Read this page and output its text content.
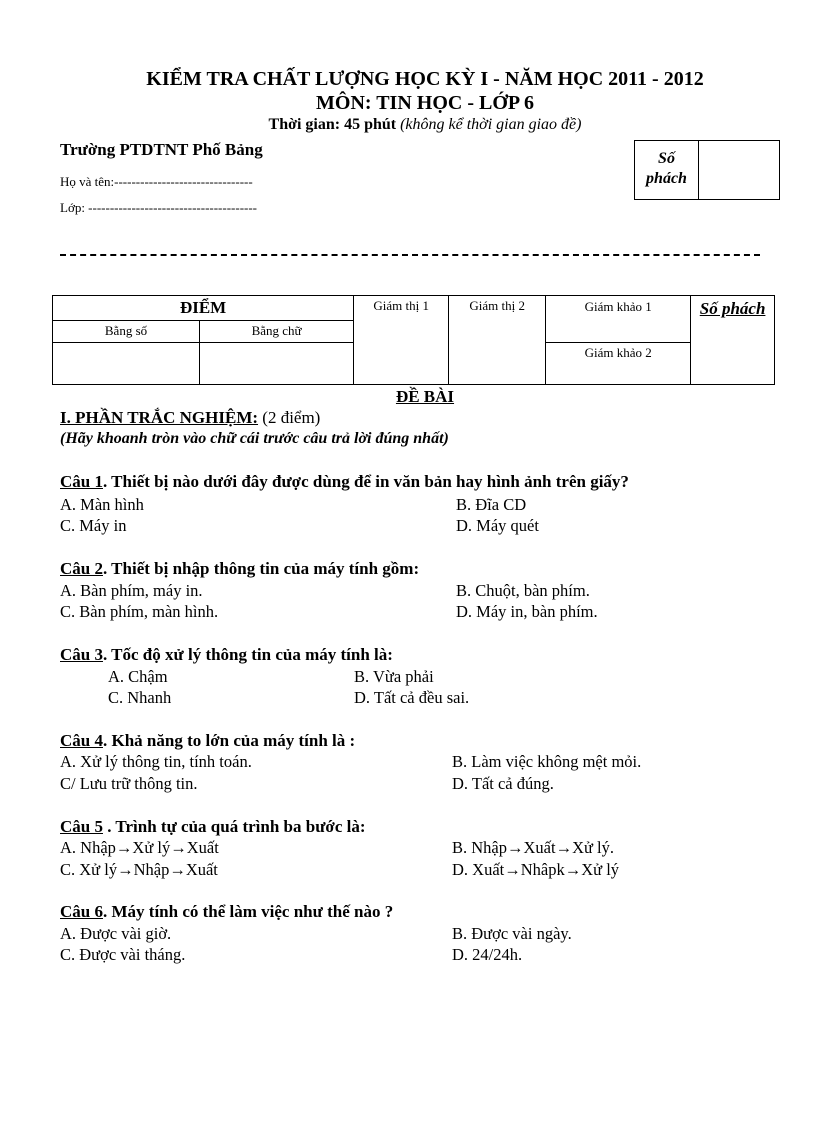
KIỂM TRA CHẤT LƯỢNG HỌC KỲ I - NĂM HỌC 2011 - 2012
MÔN: TIN HỌC - LỚP 6
Thời gian: 45 phút (không kể thời gian giao đề)
Trường PTDTNT Phố Bảng
Họ và tên:--------------------------------
Lớp: ---------------------------------------
Số
phách
ĐIỂM		Giám thị 1	Giám thị 2	Giám khảo 1	Số phách
Bằng số	Bằng chữ				
				Giám khảo 2	
ĐỀ BÀI
I. PHẦN TRẮC NGHIỆM: (2 điểm)
(Hãy khoanh tròn vào chữ cái trước câu trả lời đúng nhất)
Câu 1. Thiết bị nào dưới đây được dùng để in văn bản hay hình ảnh trên giấy?
A. Màn hình	B. Đĩa CD
C. Máy in	D. Máy quét
Câu 2. Thiết bị nhập thông tin của máy tính gồm:
A. Bàn phím, máy in.	B. Chuột, bàn phím.
C. Bàn phím, màn hình.	D. Máy in, bàn phím.
Câu 3. Tốc độ xử lý thông tin của máy tính là:
A. Chậm	B. Vừa phải
C. Nhanh	D. Tất cả đều sai.
Câu 4. Khả năng to lớn của máy tính là :
A. Xử lý thông tin, tính toán.	B. Làm việc không mệt mỏi.
C/ Lưu trữ thông tin.	D. Tất cả đúng.
Câu 5 . Trình tự của quá trình ba bước là:
A. Nhập→Xử lý→Xuất	B. Nhập→Xuất→Xử lý.
C. Xử lý→Nhập→Xuất	D. Xuất→Nhâpk→Xử lý
Câu 6. Máy tính có thể làm việc như thế nào ?
A. Được vài giờ.	B. Được vài ngày.
C. Được vài tháng.	D. 24/24h.
